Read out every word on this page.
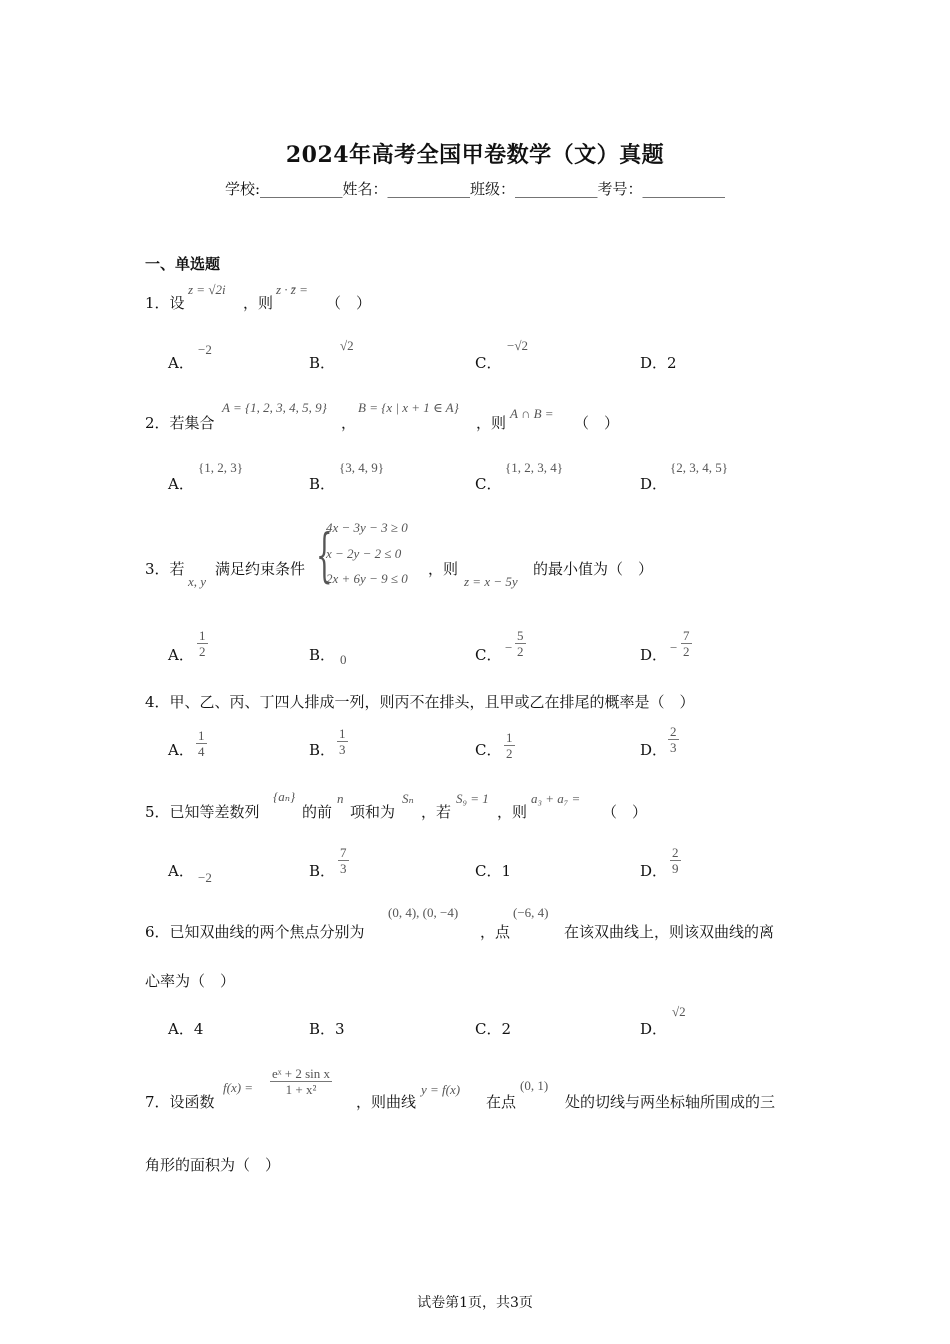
2024年高考全国甲卷数学（文）真题
学校:___________姓名：___________班级：___________考号：___________
一、单选题
1．设
z = √2i
，则
z · z̄ =
（　）
A．
−2
B．
√2
C．
−√2
D．2
2．若集合
A = {1, 2, 3, 4, 5, 9}
，
B = {x | x + 1 ∈ A}
，则
A ∩ B =
（　）
A．
{1, 2, 3}
B．
{3, 4, 9}
C．
{1, 2, 3, 4}
D．
{2, 3, 4, 5}
3．若
x, y
满足约束条件 {
4x − 3y − 3 ≥ 0
x − 2y − 2 ≤ 0
2x + 6y − 9 ≤ 0
，则
z = x − 5y
的最小值为（　）
A． $\frac{1}{2}$	B． 0	C． − $\frac{5}{2}$	D． − $\frac{7}{2}$
4．甲、乙、丙、丁四人排成一列，则丙不在排头，且甲或乙在排尾的概率是（　）
A． $\frac{1}{4}$	B． $\frac{1}{3}$	C． $\frac{1}{2}$	D． $\frac{2}{3}$
5．已知等差数列
{aₙ}
的前
n
项和为
Sₙ
，若
S₉ = 1
，则
a₃ + a₇ =
（　）
A． −2	B． $\frac{7}{3}$	C．1	D． $\frac{2}{9}$
6．已知双曲线的两个焦点分别为
(0, 4), (0, −4)
，点
(−6, 4)
在该双曲线上，则该双曲线的离
心率为（　）
A．4	B．3	C．2	D．
√2
7．设函数
$f(x) = \frac{\text{eˣ + 2 sin x}}{\text{1 + x²}}$
，则曲线
y = f(x)
在点
(0, 1)
处的切线与两坐标轴所围成的三
角形的面积为（　）
试卷第1页，共3页
